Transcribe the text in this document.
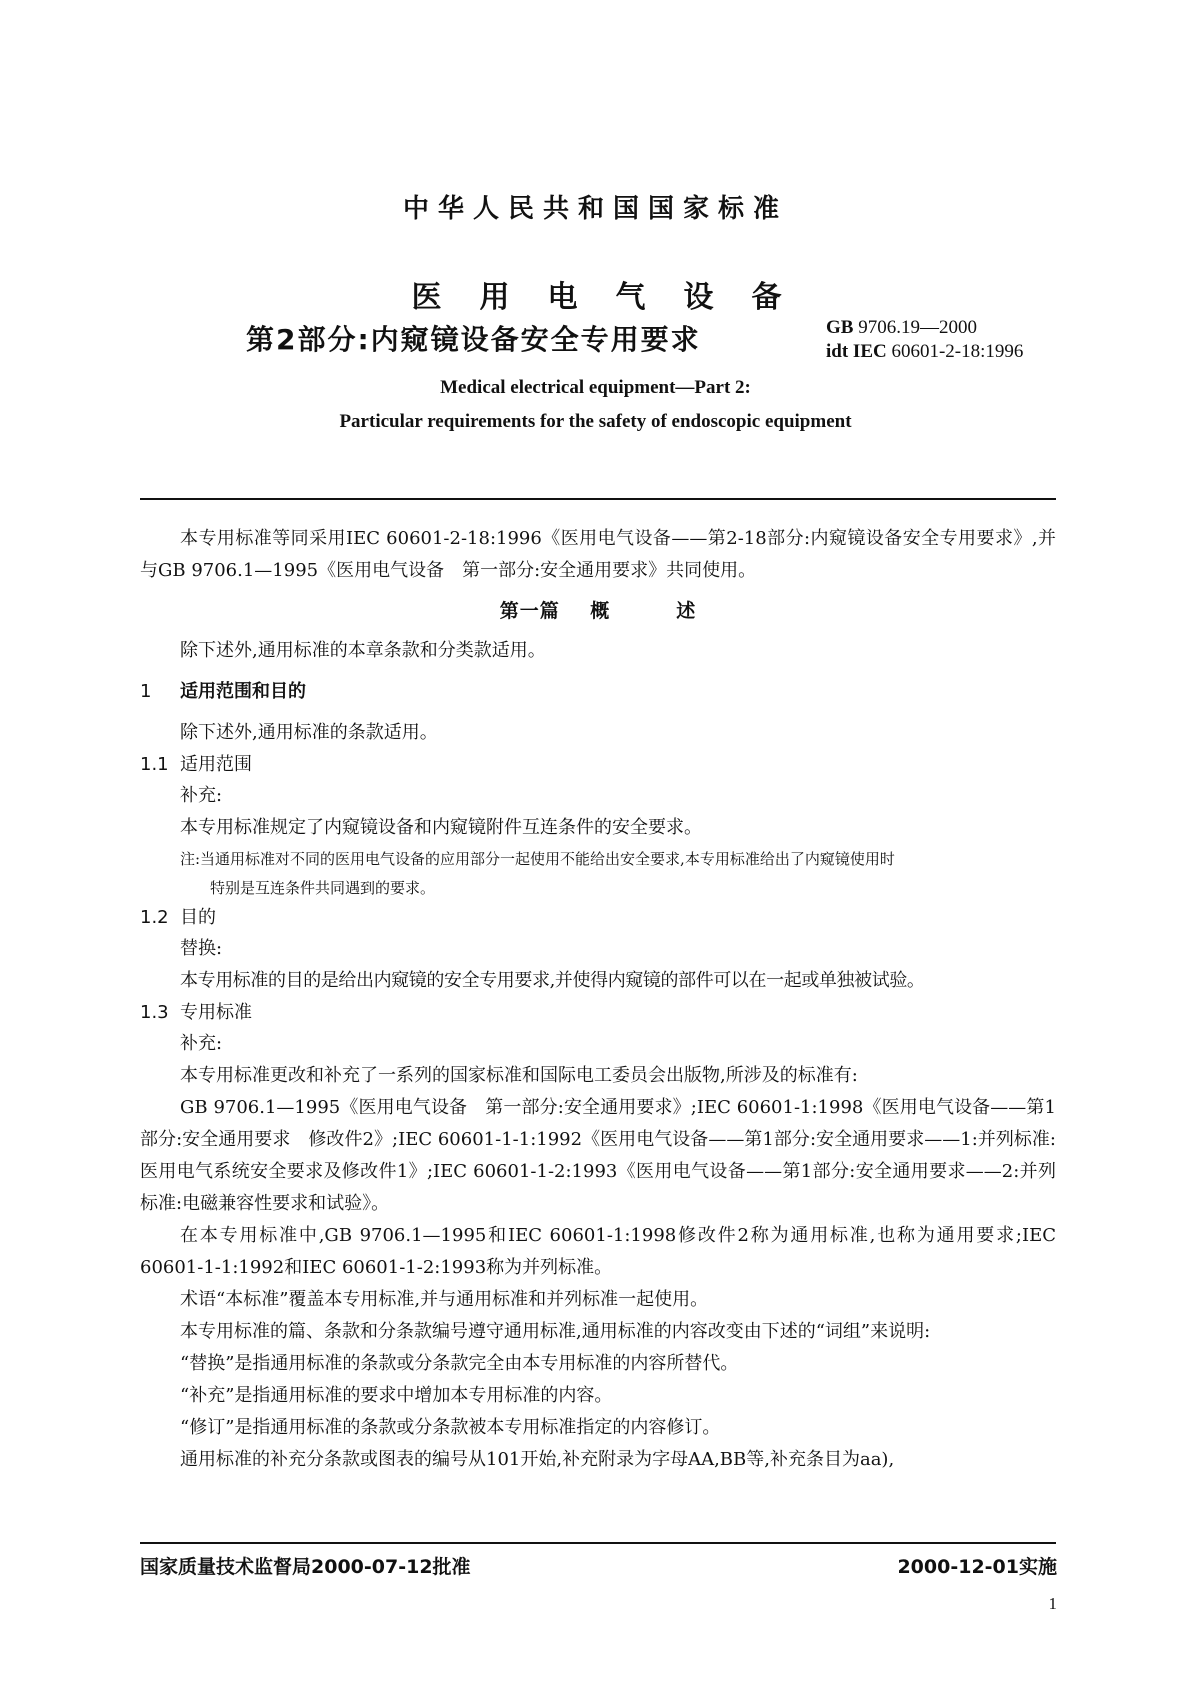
中华人民共和国国家标准
医用电气设备
第2部分:内窥镜设备安全专用要求	GB 9706.19—2000
idt IEC 60601-2-18:1996
Medical electrical equipment—Part 2:
Particular requirements for the safety of endoscopic equipment

本专用标准等同采用IEC 60601-2-18:1996《医用电气设备——第2-18部分:内窥镜设备安全专用要求》,并与GB 9706.1—1995《医用电气设备　第一部分:安全通用要求》共同使用。

第一篇 概	述

除下述外,通用标准的本章条款和分类款适用。

1 适用范围和目的

除下述外,通用标准的条款适用。

1.1 适用范围
补充:
本专用标准规定了内窥镜设备和内窥镜附件互连条件的安全要求。
注:当通用标准对不同的医用电气设备的应用部分一起使用不能给出安全要求,本专用标准给出了内窥镜使用时
特别是互连条件共同遇到的要求。
1.2 目的
替换:
本专用标准的目的是给出内窥镜的安全专用要求,并使得内窥镜的部件可以在一起或单独被试验。
1.3 专用标准
补充:

本专用标准更改和补充了一系列的国家标准和国际电工委员会出版物,所涉及的标准有:

GB 9706.1—1995《医用电气设备　第一部分:安全通用要求》;IEC 60601-1:1998《医用电气设备——第1部分:安全通用要求　修改件2》;IEC 60601-1-1:1992《医用电气设备——第1部分:安全通用要求——1:并列标准:医用电气系统安全要求及修改件1》;IEC 60601-1-2:1993《医用电气设备——第1部分:安全通用要求——2:并列标准:电磁兼容性要求和试验》。

在本专用标准中,GB 9706.1—1995和IEC 60601-1:1998修改件2称为通用标准,也称为通用要求;IEC 60601-1-1:1992和IEC 60601-1-2:1993称为并列标准。

术语“本标准”覆盖本专用标准,并与通用标准和并列标准一起使用。

本专用标准的篇、条款和分条款编号遵守通用标准,通用标准的内容改变由下述的“词组”来说明:

“替换”是指通用标准的条款或分条款完全由本专用标准的内容所替代。

“补充”是指通用标准的要求中增加本专用标准的内容。

“修订”是指通用标准的条款或分条款被本专用标准指定的内容修订。

通用标准的补充分条款或图表的编号从101开始,补充附录为字母AA,BB等,补充条目为aa),

国家质量技术监督局2000-07-12批准	2000-12-01实施
1
